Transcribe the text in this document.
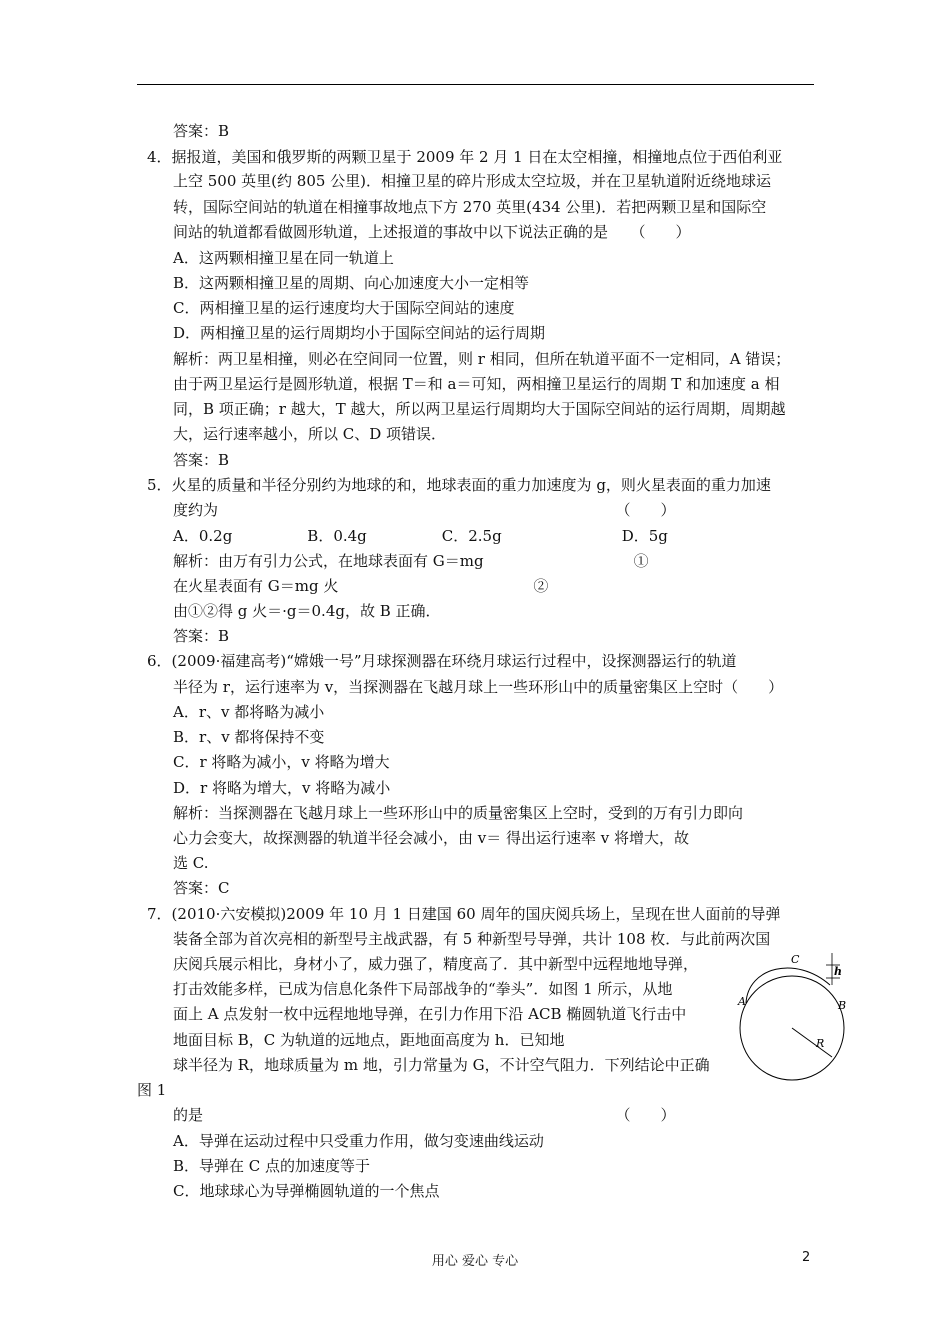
答案：B
4．据报道，美国和俄罗斯的两颗卫星于 2009 年 2 月 1 日在太空相撞，相撞地点位于西伯利亚
上空 500 英里(约 805 公里)．相撞卫星的碎片形成太空垃圾，并在卫星轨道附近绕地球运
转，国际空间站的轨道在相撞事故地点下方 270 英里(434 公里)．若把两颗卫星和国际空
间站的轨道都看做圆形轨道，上述报道的事故中以下说法正确的是　　（　　）
A．这两颗相撞卫星在同一轨道上
B．这两颗相撞卫星的周期、向心加速度大小一定相等
C．两相撞卫星的运行速度均大于国际空间站的速度
D．两相撞卫星的运行周期均小于国际空间站的运行周期
解析：两卫星相撞，则必在空间同一位置，则 r 相同，但所在轨道平面不一定相同，A 错误；
由于两卫星运行是圆形轨道，根据 T＝和 a＝可知，两相撞卫星运行的周期 T 和加速度 a 相
同，B 项正确；r 越大，T 越大，所以两卫星运行周期均大于国际空间站的运行周期，周期越
大，运行速率越小，所以 C、D 项错误．
答案：B
5．火星的质量和半径分别约为地球的和，地球表面的重力加速度为 g，则火星表面的重力加速
度约为　　　　　　　　　　　　　　　　　　　　　　　　　　　（　　）
A．0.2g　　　　　B．0.4g　　　　　C．2.5g　　　　　　　　D．5g
解析：由万有引力公式，在地球表面有 G＝mg　　　　　　　　　　①
在火星表面有 G＝mg 火　　　　　　　　　　　　　②
由①②得 g 火＝·g＝0.4g，故 B 正确．
答案：B
6．(2009·福建高考)“嫦娥一号”月球探测器在环绕月球运行过程中，设探测器运行的轨道
半径为 r，运行速率为 v，当探测器在飞越月球上一些环形山中的质量密集区上空时（　　）
A．r、v 都将略为减小
B．r、v 都将保持不变
C．r 将略为减小，v 将略为增大
D．r 将略为增大，v 将略为减小
解析：当探测器在飞越月球上一些环形山中的质量密集区上空时，受到的万有引力即向
心力会变大，故探测器的轨道半径会减小，由 v＝ 得出运行速率 v 将增大，故
选 C.
答案：C
7．(2010·六安模拟)2009 年 10 月 1 日建国 60 周年的国庆阅兵场上，呈现在世人面前的导弹
装备全部为首次亮相的新型号主战武器，有 5 种新型号导弹，共计 108 枚．与此前两次国
庆阅兵展示相比，身材小了，威力强了，精度高了．其中新型中远程地地导弹，
打击效能多样，已成为信息化条件下局部战争的“拳头”．如图 1 所示，从地
面上 A 点发射一枚中远程地地导弹，在引力作用下沿 ACB 椭圆轨道飞行击中
地面目标 B，C 为轨道的远地点，距地面高度为 h．已知地
球半径为 R，地球质量为 m 地，引力常量为 G，不计空气阻力．下列结论中正确
图 1
的是　　　　　　　　　　　　　　　　　　　　　　　　　　　　（　　）
A．导弹在运动过程中只受重力作用，做匀变速曲线运动
B．导弹在 C 点的加速度等于
C．地球球心为导弹椭圆轨道的一个焦点
C
A	B
h
R
用心 爱心 专心	2
